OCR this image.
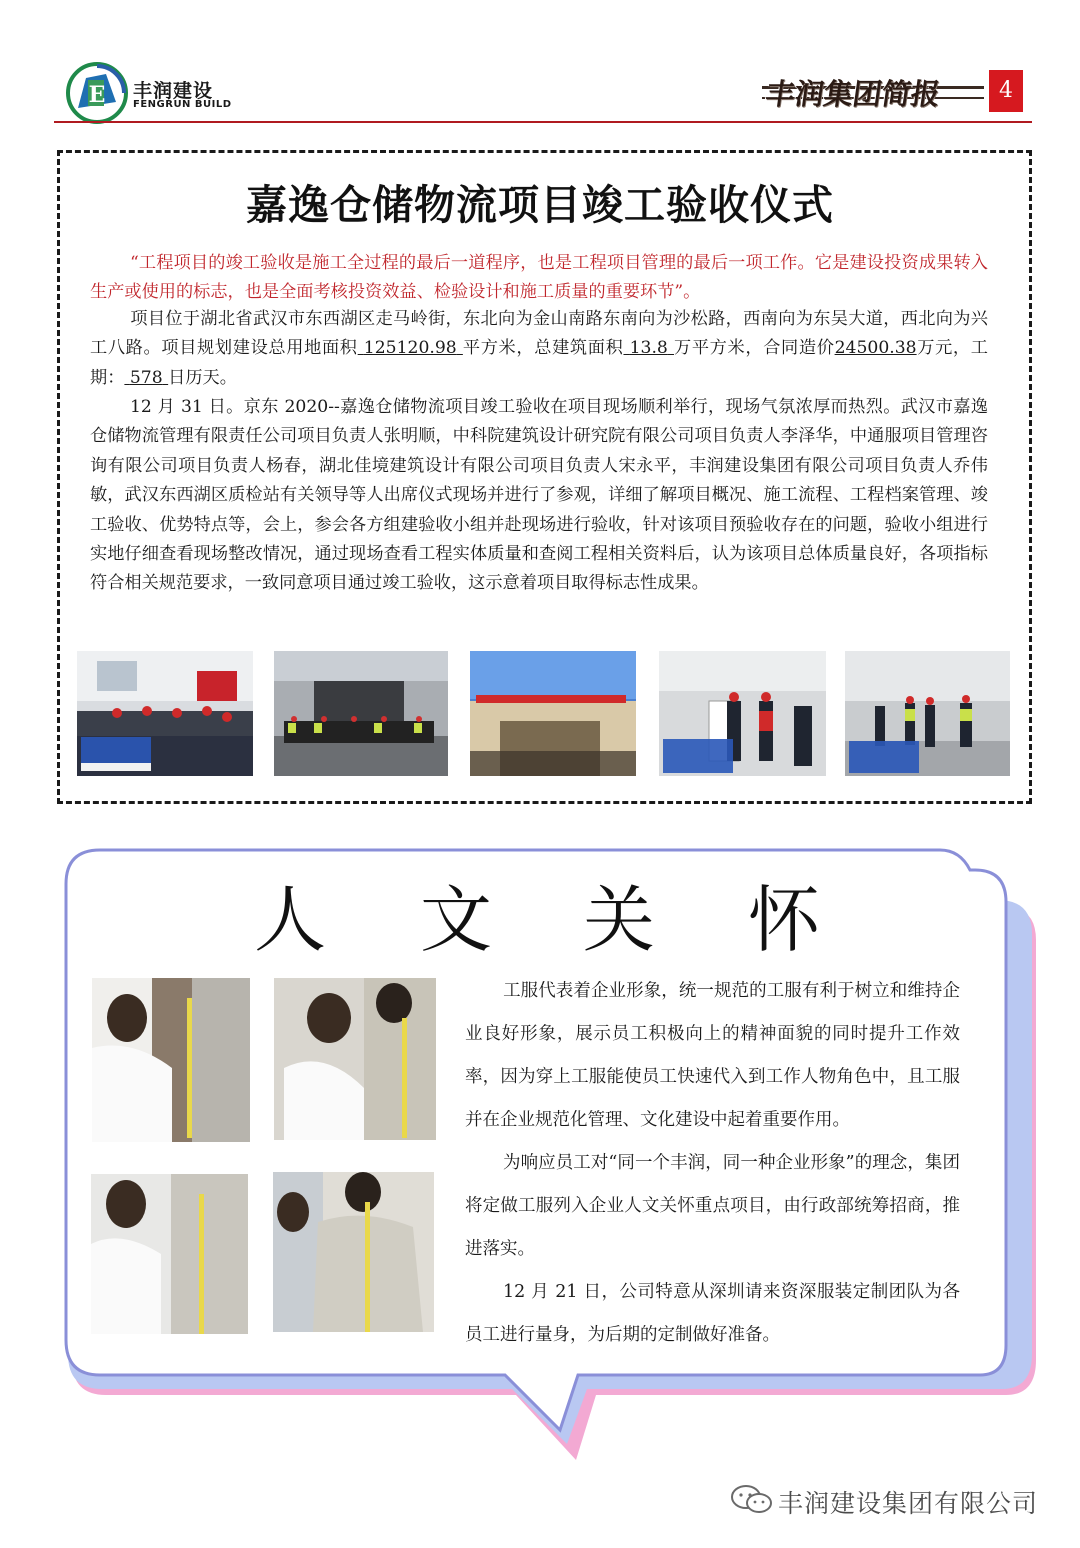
E 丰润建设
FENGRUN BUILD	丰润集团简报	4
嘉逸仓储物流项目竣工验收仪式

“工程项目的竣工验收是施工全过程的最后一道程序，也是工程项目管理的最后一项工作。它是建设投资成果转入生产或使用的标志，也是全面考核投资效益、检验设计和施工质量的重要环节”。

项目位于湖北省武汉市东西湖区走马岭街，东北向为金山南路东南向为沙松路，西南向为东吴大道，西北向为兴工八路。项目规划建设总用地面积 125120.98 平方米，总建筑面积 13.8 万平方米，合同造价24500.38万元，工期： 578 日历天。

12 月 31 日。京东 2020--嘉逸仓储物流项目竣工验收在项目现场顺利举行，现场气氛浓厚而热烈。武汉市嘉逸仓储物流管理有限责任公司项目负责人张明顺，中科院建筑设计研究院有限公司项目负责人李泽华，中通服项目管理咨询有限公司项目负责人杨春，湖北佳境建筑设计有限公司项目负责人宋永平，丰润建设集团有限公司项目负责人乔伟敏，武汉东西湖区质检站有关领导等人出席仪式现场并进行了参观，详细了解项目概况、施工流程、工程档案管理、竣工验收、优势特点等，会上，参会各方组建验收小组并赴现场进行验收，针对该项目预验收存在的问题，验收小组进行实地仔细查看现场整改情况，通过现场查看工程实体质量和查阅工程相关资料后，认为该项目总体质量良好，各项指标符合相关规范要求，一致同意项目通过竣工验收，这示意着项目取得标志性成果。

人 文 关 怀

工服代表着企业形象，统一规范的工服有利于树立和维持企业良好形象，展示员工积极向上的精神面貌的同时提升工作效率，因为穿上工服能使员工快速代入到工作人物角色中，且工服并在企业规范化管理、文化建设中起着重要作用。

为响应员工对“同一个丰润，同一种企业形象”的理念，集团将定做工服列入企业人文关怀重点项目，由行政部统筹招商，推进落实。

12 月 21 日，公司特意从深圳请来资深服装定制团队为各员工进行量身，为后期的定制做好准备。

丰润建设集团有限公司
